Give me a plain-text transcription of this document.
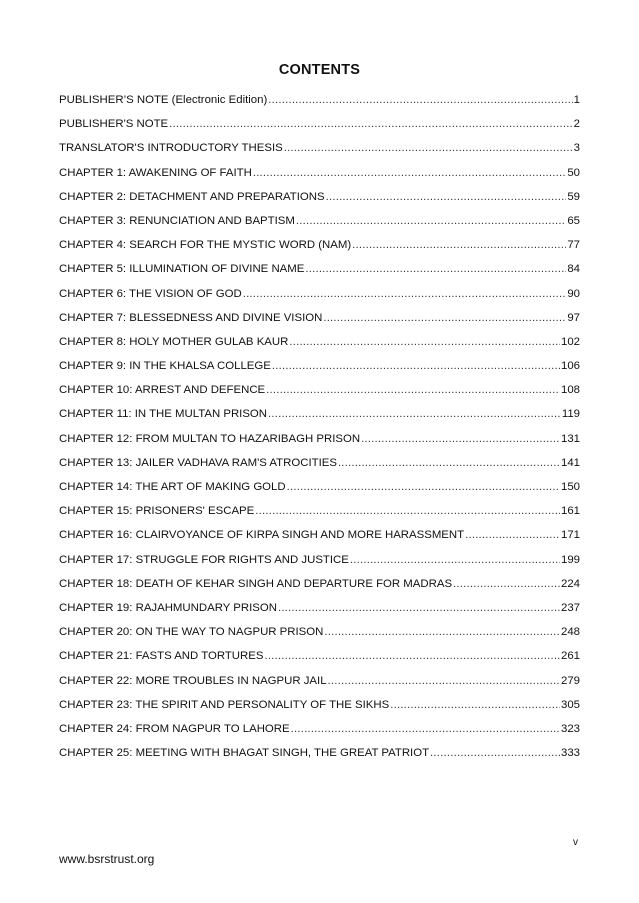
CONTENTS
PUBLISHER’S NOTE (Electronic Edition) .....	1
PUBLISHER'S NOTE .....	2
TRANSLATOR'S INTRODUCTORY THESIS .....	3
CHAPTER 1: AWAKENING OF FAITH .....	50
CHAPTER 2: DETACHMENT AND PREPARATIONS .....	59
CHAPTER 3: RENUNCIATION AND BAPTISM .....	65
CHAPTER 4: SEARCH FOR THE MYSTIC WORD (NAM) .....	77
CHAPTER 5: ILLUMINATION OF DIVINE NAME .....	84
CHAPTER 6: THE VISION OF GOD .....	90
CHAPTER 7: BLESSEDNESS AND DIVINE VISION .....	97
CHAPTER 8: HOLY MOTHER GULAB KAUR .....	102
CHAPTER 9: IN THE KHALSA COLLEGE .....	106
CHAPTER 10: ARREST AND DEFENCE .....	108
CHAPTER 11: IN THE MULTAN PRISON .....	119
CHAPTER 12: FROM MULTAN TO HAZARIBAGH PRISON .....	131
CHAPTER 13: JAILER VADHAVA RAM'S ATROCITIES .....	141
CHAPTER 14: THE ART OF MAKING GOLD .....	150
CHAPTER 15: PRISONERS' ESCAPE .....	161
CHAPTER 16: CLAIRVOYANCE OF KIRPA SINGH AND MORE HARASSMENT .....	171
CHAPTER 17: STRUGGLE FOR RIGHTS AND JUSTICE .....	199
CHAPTER 18: DEATH OF KEHAR SINGH AND DEPARTURE FOR MADRAS .....	224
CHAPTER 19: RAJAHMUNDARY PRISON .....	237
CHAPTER 20: ON THE WAY TO NAGPUR PRISON .....	248
CHAPTER 21: FASTS AND TORTURES .....	261
CHAPTER 22: MORE TROUBLES IN NAGPUR JAIL .....	279
CHAPTER 23: THE SPIRIT AND PERSONALITY OF THE SIKHS .....	305
CHAPTER 24: FROM NAGPUR TO LAHORE .....	323
CHAPTER 25: MEETING WITH BHAGAT SINGH, THE GREAT PATRIOT .....	333
v
www.bsrstrust.org
